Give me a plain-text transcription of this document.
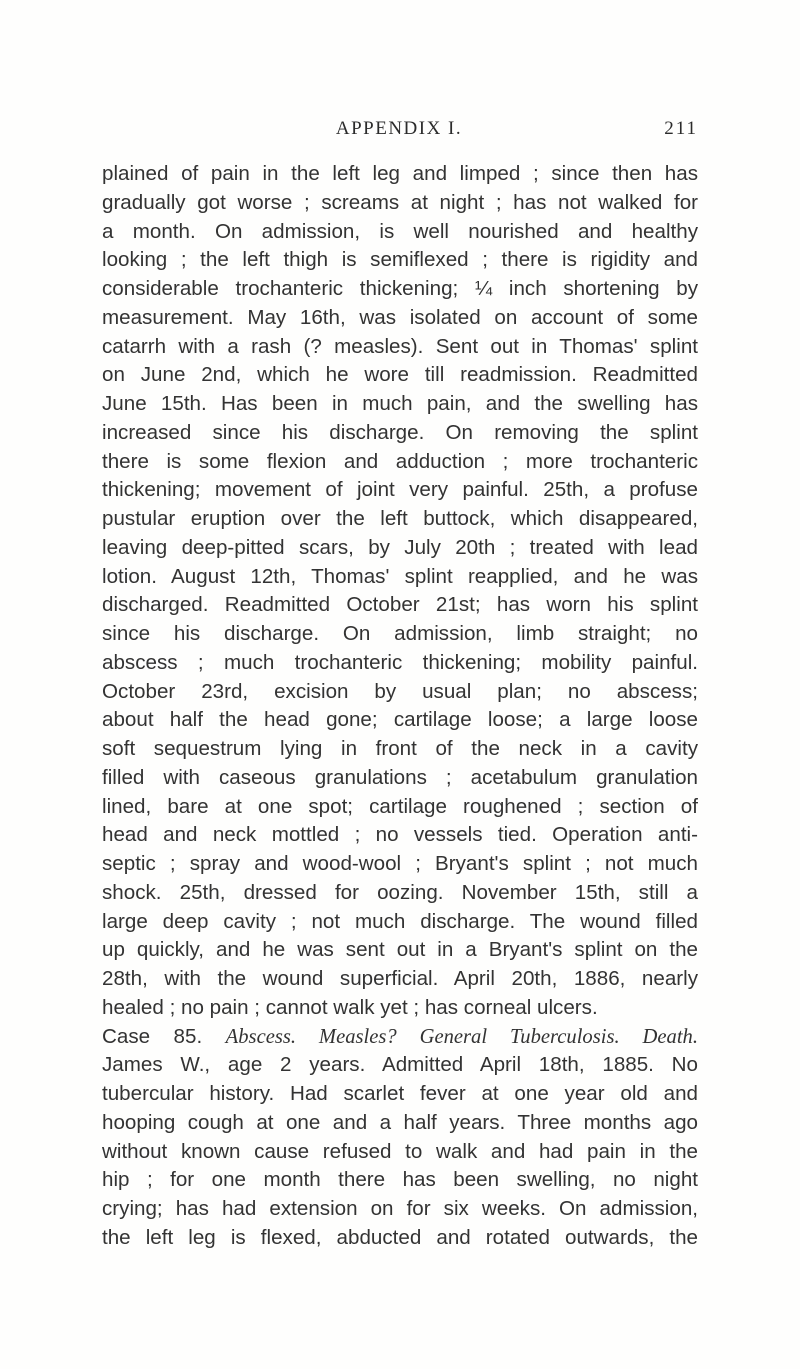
APPENDIX I.	211
plained of pain in the left leg and limped ; since then has
gradually got worse ; screams at night ; has not walked for
a month. On admission, is well nourished and healthy
looking ; the left thigh is semiflexed ; there is rigidity and
considerable trochanteric thickening; ¼ inch shortening by
measurement. May 16th, was isolated on account of some
catarrh with a rash (? measles). Sent out in Thomas' splint
on June 2nd, which he wore till readmission. Readmitted
June 15th. Has been in much pain, and the swelling has
increased since his discharge. On removing the splint
there is some flexion and adduction ; more trochanteric
thickening; movement of joint very painful. 25th, a profuse
pustular eruption over the left buttock, which disappeared,
leaving deep-pitted scars, by July 20th ; treated with lead
lotion. August 12th, Thomas' splint reapplied, and he was
discharged. Readmitted October 21st; has worn his splint
since his discharge. On admission, limb straight; no
abscess ; much trochanteric thickening; mobility painful.
October 23rd, excision by usual plan; no abscess;
about half the head gone; cartilage loose; a large loose
soft sequestrum lying in front of the neck in a cavity
filled with caseous granulations ; acetabulum granulation
lined, bare at one spot; cartilage roughened ; section of
head and neck mottled ; no vessels tied. Operation anti-
septic ; spray and wood-wool ; Bryant's splint ; not much
shock. 25th, dressed for oozing. November 15th, still a
large deep cavity ; not much discharge. The wound filled
up quickly, and he was sent out in a Bryant's splint on the
28th, with the wound superficial. April 20th, 1886, nearly
healed ; no pain ; cannot walk yet ; has corneal ulcers.
Case 85. Abscess. Measles? General Tuberculosis. Death.
James W., age 2 years. Admitted April 18th, 1885. No
tubercular history. Had scarlet fever at one year old and
hooping cough at one and a half years. Three months ago
without known cause refused to walk and had pain in the
hip ; for one month there has been swelling, no night
crying; has had extension on for six weeks. On admission,
the left leg is flexed, abducted and rotated outwards, the
